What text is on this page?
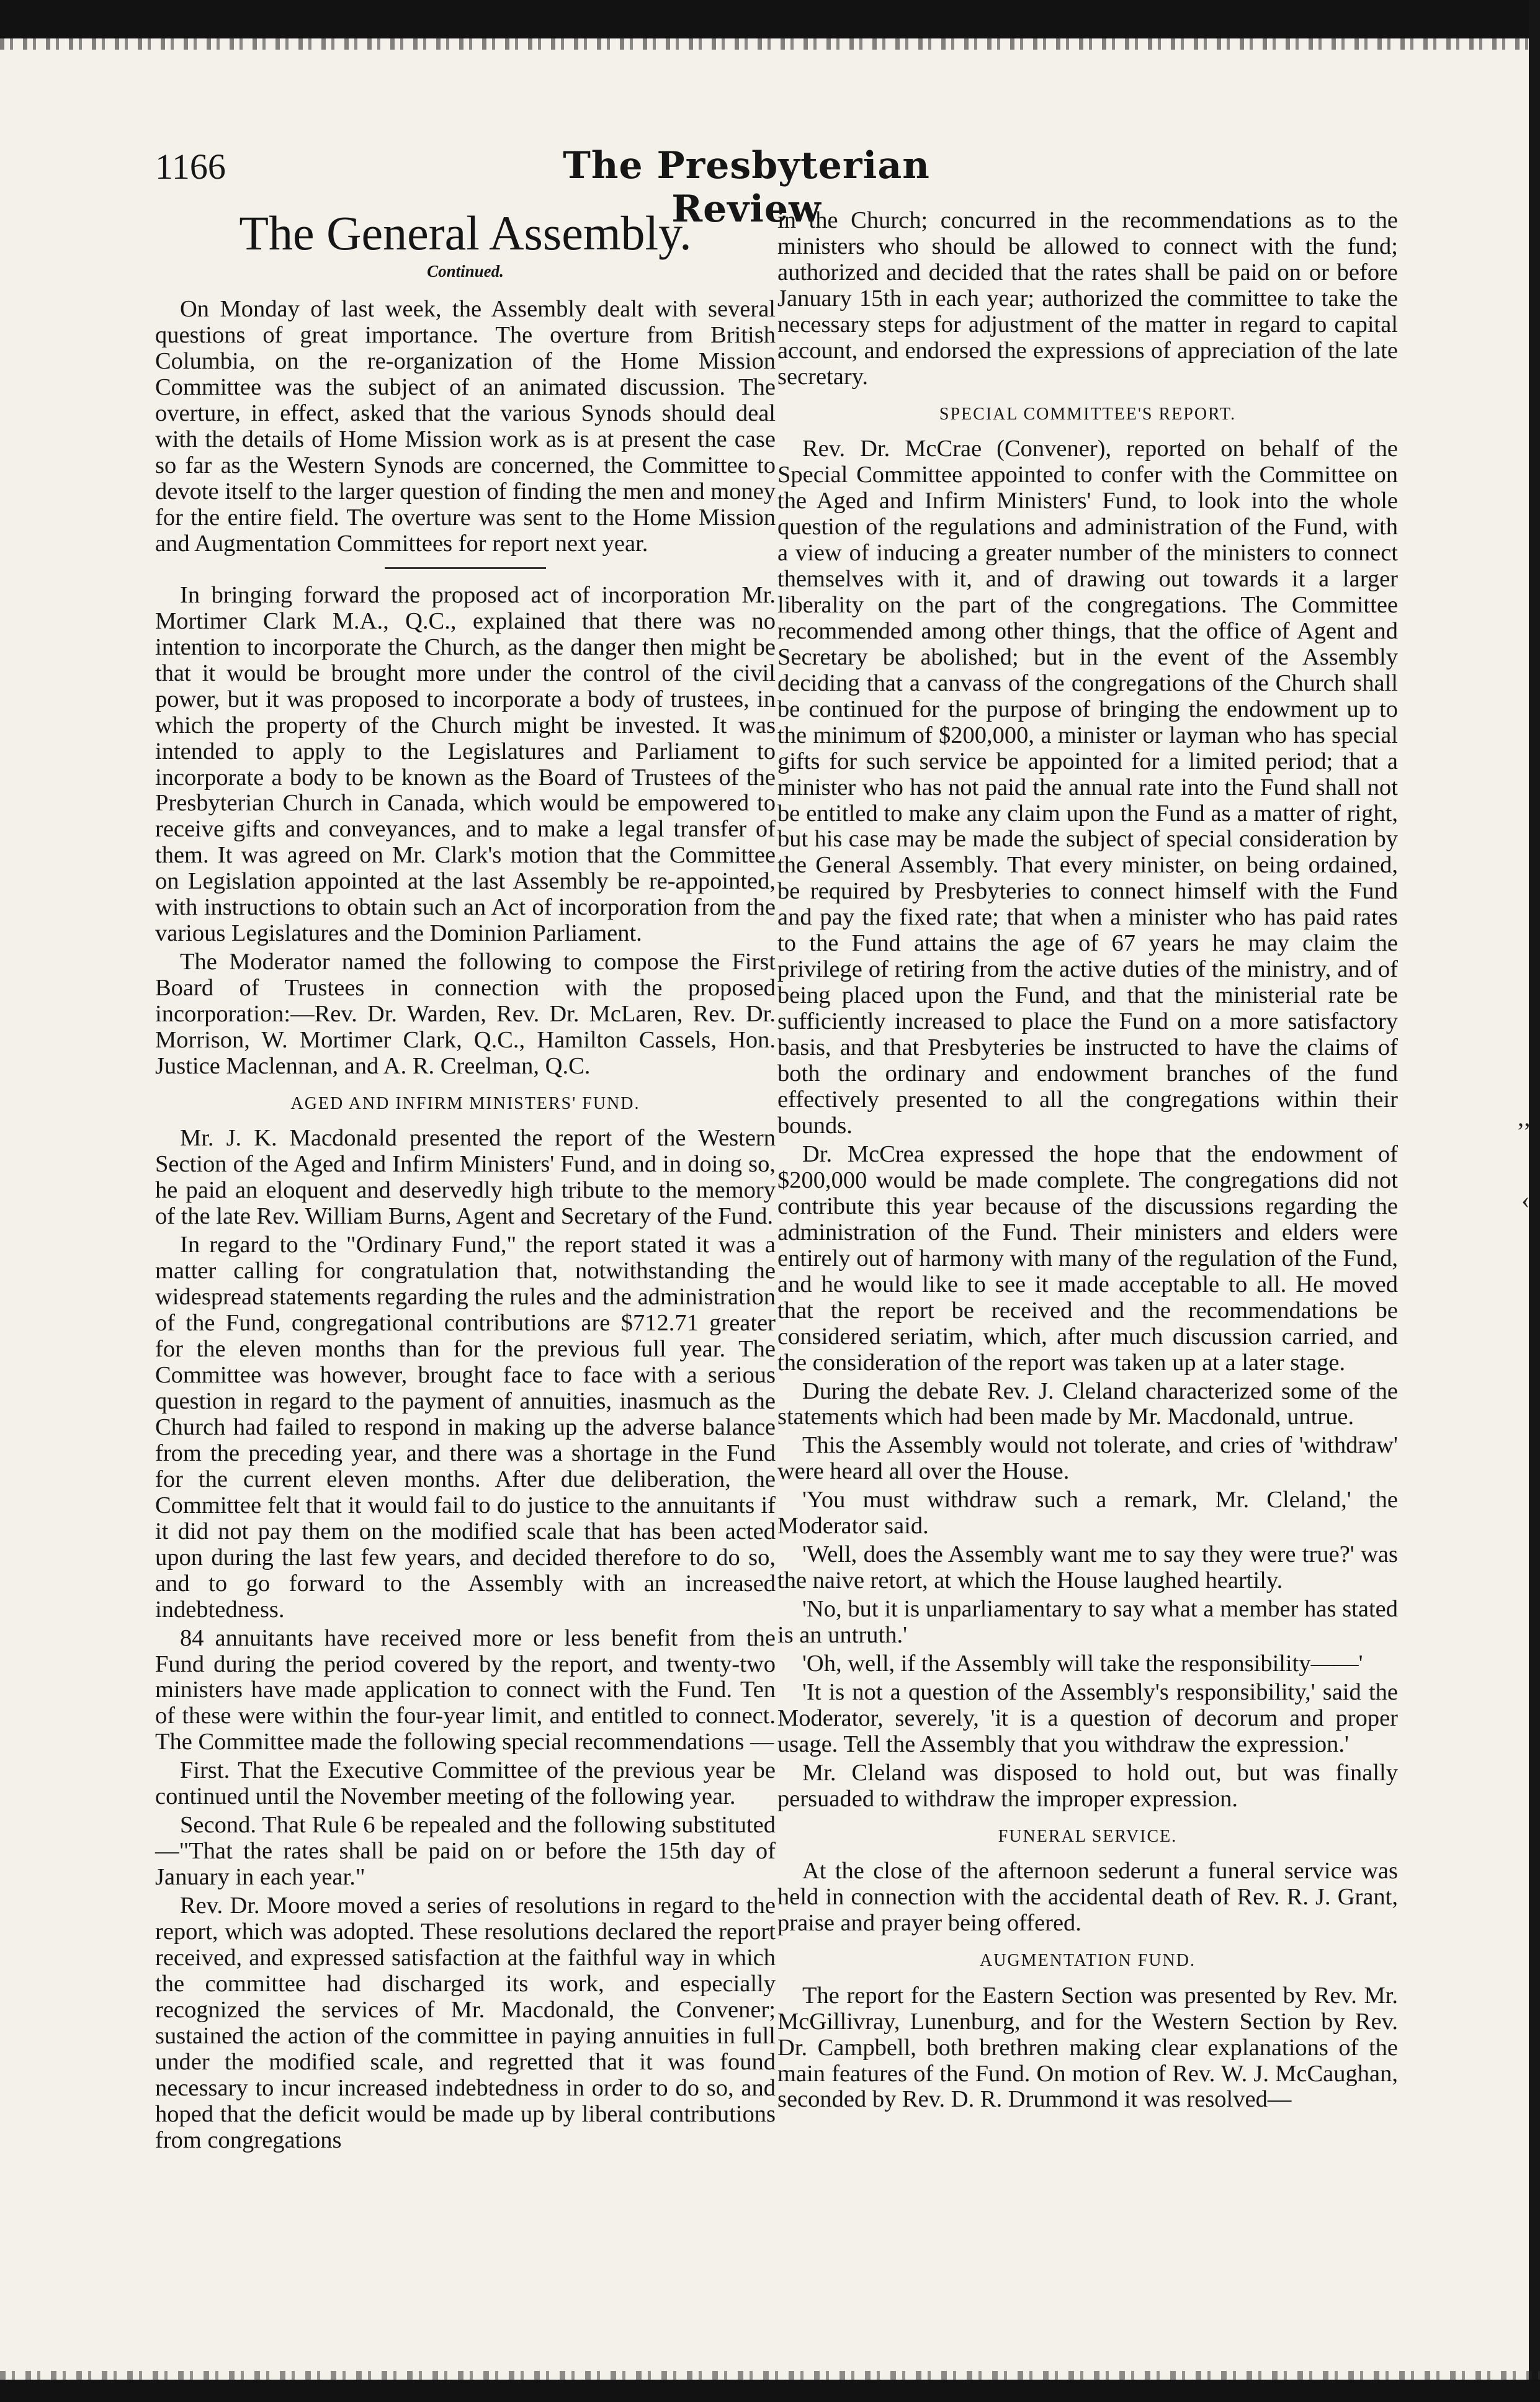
1166	The Presbyterian Review
The General Assembly.
Continued.

On Monday of last week, the Assembly dealt with several questions of great importance. The overture from British Columbia, on the re-organization of the Home Mission Committee was the subject of an animated discussion. The overture, in effect, asked that the various Synods should deal with the details of Home Mission work as is at present the case so far as the Western Synods are concerned, the Committee to devote itself to the larger question of finding the men and money for the entire field. The overture was sent to the Home Mission and Augmentation Committees for report next year.

In bringing forward the proposed act of incorporation Mr. Mortimer Clark M.A., Q.C., explained that there was no intention to incorporate the Church, as the danger then might be that it would be brought more under the control of the civil power, but it was proposed to incorporate a body of trustees, in which the property of the Church might be invested. It was intended to apply to the Legislatures and Parliament to incorporate a body to be known as the Board of Trustees of the Presbyterian Church in Canada, which would be empowered to receive gifts and conveyances, and to make a legal transfer of them. It was agreed on Mr. Clark's motion that the Committee on Legislation appointed at the last Assembly be re-appointed, with instructions to obtain such an Act of incorporation from the various Legislatures and the Dominion Parliament.

The Moderator named the following to compose the First Board of Trustees in connection with the proposed incorporation:—Rev. Dr. Warden, Rev. Dr. McLaren, Rev. Dr. Morrison, W. Mortimer Clark, Q.C., Hamilton Cassels, Hon. Justice Maclennan, and A. R. Creelman, Q.C.

AGED AND INFIRM MINISTERS' FUND.

Mr. J. K. Macdonald presented the report of the Western Section of the Aged and Infirm Ministers' Fund, and in doing so, he paid an eloquent and deservedly high tribute to the memory of the late Rev. William Burns, Agent and Secretary of the Fund.

In regard to the "Ordinary Fund," the report stated it was a matter calling for congratulation that, notwithstanding the widespread statements regarding the rules and the administration of the Fund, congregational contributions are $712.71 greater for the eleven months than for the previous full year. The Committee was however, brought face to face with a serious question in regard to the payment of annuities, inasmuch as the Church had failed to respond in making up the adverse balance from the preceding year, and there was a shortage in the Fund for the current eleven months. After due deliberation, the Committee felt that it would fail to do justice to the annuitants if it did not pay them on the modified scale that has been acted upon during the last few years, and decided therefore to do so, and to go forward to the Assembly with an increased indebtedness.

84 annuitants have received more or less benefit from the Fund during the period covered by the report, and twenty-two ministers have made application to connect with the Fund. Ten of these were within the four-year limit, and entitled to connect. The Committee made the following special recommendations —

First. That the Executive Committee of the previous year be continued until the November meeting of the following year.

Second. That Rule 6 be repealed and the following substituted —"That the rates shall be paid on or before the 15th day of January in each year."

Rev. Dr. Moore moved a series of resolutions in regard to the report, which was adopted. These resolutions declared the report received, and expressed satisfaction at the faithful way in which the committee had discharged its work, and especially recognized the services of Mr. Macdonald, the Convener; sustained the action of the committee in paying annuities in full under the modified scale, and regretted that it was found necessary to incur increased indebtedness in order to do so, and hoped that the deficit would be made up by liberal contributions from congregations

in the Church; concurred in the recommendations as to the ministers who should be allowed to connect with the fund; authorized and decided that the rates shall be paid on or before January 15th in each year; authorized the committee to take the necessary steps for adjustment of the matter in regard to capital account, and endorsed the expressions of appreciation of the late secretary.

SPECIAL COMMITTEE'S REPORT.

Rev. Dr. McCrae (Convener), reported on behalf of the Special Committee appointed to confer with the Committee on the Aged and Infirm Ministers' Fund, to look into the whole question of the regulations and administration of the Fund, with a view of inducing a greater number of the ministers to connect themselves with it, and of drawing out towards it a larger liberality on the part of the congregations. The Committee recommended among other things, that the office of Agent and Secretary be abolished; but in the event of the Assembly deciding that a canvass of the congregations of the Church shall be continued for the purpose of bringing the endowment up to the minimum of $200,000, a minister or layman who has special gifts for such service be appointed for a limited period; that a minister who has not paid the annual rate into the Fund shall not be entitled to make any claim upon the Fund as a matter of right, but his case may be made the subject of special consideration by the General Assembly. That every minister, on being ordained, be required by Presbyteries to connect himself with the Fund and pay the fixed rate; that when a minister who has paid rates to the Fund attains the age of 67 years he may claim the privilege of retiring from the active duties of the ministry, and of being placed upon the Fund, and that the ministerial rate be sufficiently increased to place the Fund on a more satisfactory basis, and that Presbyteries be instructed to have the claims of both the ordinary and endowment branches of the fund effectively presented to all the congregations within their bounds.

Dr. McCrea expressed the hope that the endowment of $200,000 would be made complete. The congregations did not contribute this year because of the discussions regarding the administration of the Fund. Their ministers and elders were entirely out of harmony with many of the regulation of the Fund, and he would like to see it made acceptable to all. He moved that the report be received and the recommendations be considered seriatim, which, after much discussion carried, and the consideration of the report was taken up at a later stage.

During the debate Rev. J. Cleland characterized some of the statements which had been made by Mr. Macdonald, untrue.

This the Assembly would not tolerate, and cries of 'withdraw' were heard all over the House.

'You must withdraw such a remark, Mr. Cleland,' the Moderator said.

'Well, does the Assembly want me to say they were true?' was the naive retort, at which the House laughed heartily.

'No, but it is unparliamentary to say what a member has stated is an untruth.'

'Oh, well, if the Assembly will take the responsibility——'

'It is not a question of the Assembly's responsibility,' said the Moderator, severely, 'it is a question of decorum and proper usage. Tell the Assembly that you withdraw the expression.'

Mr. Cleland was disposed to hold out, but was finally persuaded to withdraw the improper expression.

FUNERAL SERVICE.

At the close of the afternoon sederunt a funeral service was held in connection with the accidental death of Rev. R. J. Grant, praise and prayer being offered.

AUGMENTATION FUND.

The report for the Eastern Section was presented by Rev. Mr. McGillivray, Lunenburg, and for the Western Section by Rev. Dr. Campbell, both brethren making clear explanations of the main features of the Fund. On motion of Rev. W. J. McCaughan, seconded by Rev. D. R. Drummond it was resolved—

’’
‹
